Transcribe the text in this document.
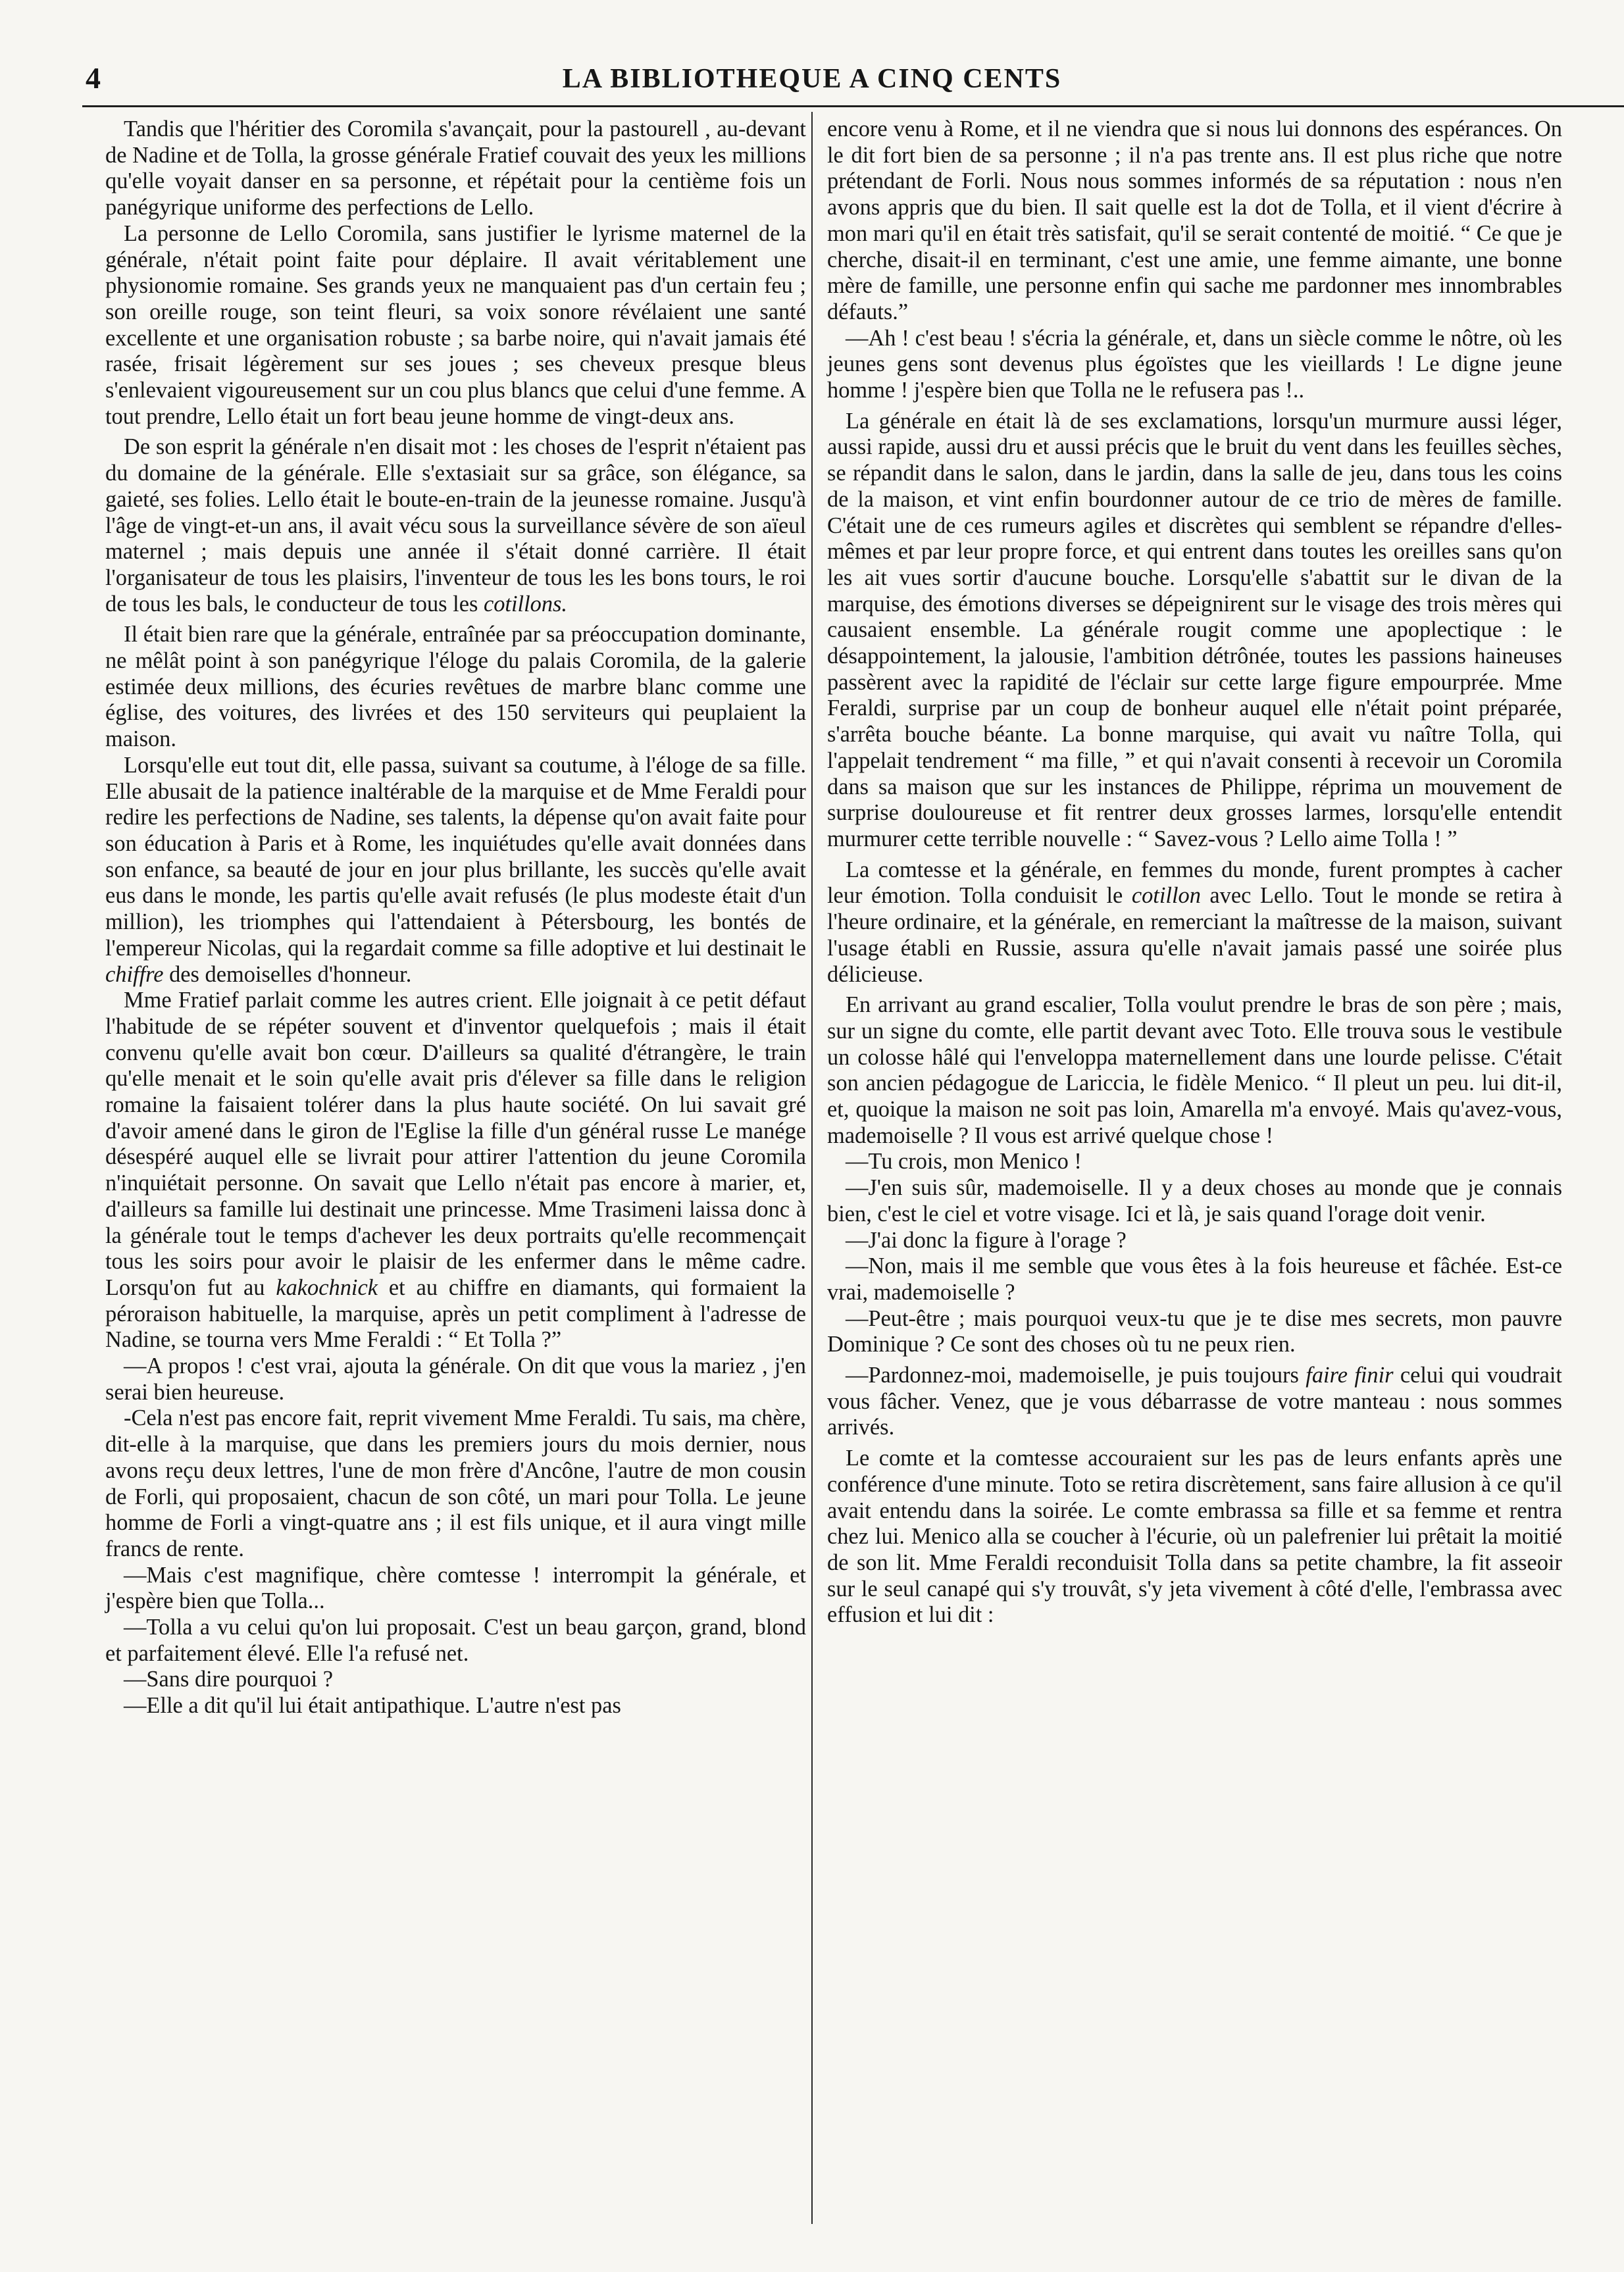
4	LA BIBLIOTHEQUE A CINQ CENTS

Tandis que l'héritier des Coromila s'avançait, pour la pastourell , au-devant de Nadine et de Tolla, la grosse générale Fratief couvait des yeux les millions qu'elle voyait danser en sa personne, et répétait pour la centième fois un panégyrique uniforme des perfections de Lello.

La personne de Lello Coromila, sans justifier le lyrisme maternel de la générale, n'était point faite pour déplaire. Il avait véritablement une physionomie romaine. Ses grands yeux ne manquaient pas d'un certain feu ; son oreille rouge, son teint fleuri, sa voix sonore révélaient une santé excellente et une organisation robuste ; sa barbe noire, qui n'avait jamais été rasée, frisait légèrement sur ses joues ; ses cheveux presque bleus s'enlevaient vigoureusement sur un cou plus blancs que celui d'une femme. A tout prendre, Lello était un fort beau jeune homme de vingt-deux ans.

De son esprit la générale n'en disait mot : les choses de l'esprit n'étaient pas du domaine de la générale. Elle s'extasiait sur sa grâce, son élégance, sa gaieté, ses folies. Lello était le boute-en-train de la jeunesse romaine. Jusqu'à l'âge de vingt-et-un ans, il avait vécu sous la surveillance sévère de son aïeul maternel ; mais depuis une année il s'était donné carrière. Il était l'organisateur de tous les plaisirs, l'inventeur de tous les les bons tours, le roi de tous les bals, le conducteur de tous les cotillons.

Il était bien rare que la générale, entraînée par sa préoccupation dominante, ne mêlât point à son panégyrique l'éloge du palais Coromila, de la galerie estimée deux millions, des écuries revêtues de marbre blanc comme une église, des voitures, des livrées et des 150 serviteurs qui peuplaient la maison.

Lorsqu'elle eut tout dit, elle passa, suivant sa coutume, à l'éloge de sa fille. Elle abusait de la patience inaltérable de la marquise et de Mme Feraldi pour redire les perfections de Nadine, ses talents, la dépense qu'on avait faite pour son éducation à Paris et à Rome, les inquiétudes qu'elle avait données dans son enfance, sa beauté de jour en jour plus brillante, les succès qu'elle avait eus dans le monde, les partis qu'elle avait refusés (le plus modeste était d'un million), les triomphes qui l'attendaient à Pétersbourg, les bontés de l'empereur Nicolas, qui la regardait comme sa fille adoptive et lui destinait le chiffre des demoiselles d'honneur.

Mme Fratief parlait comme les autres crient. Elle joignait à ce petit défaut l'habitude de se répéter souvent et d'inventor quelquefois ; mais il était convenu qu'elle avait bon cœur. D'ailleurs sa qualité d'étrangère, le train qu'elle menait et le soin qu'elle avait pris d'élever sa fille dans le religion romaine la faisaient tolérer dans la plus haute société. On lui savait gré d'avoir amené dans le giron de l'Eglise la fille d'un général russe Le manége désespéré auquel elle se livrait pour attirer l'attention du jeune Coromila n'inquiétait personne. On savait que Lello n'était pas encore à marier, et, d'ailleurs sa famille lui destinait une princesse. Mme Trasimeni laissa donc à la générale tout le temps d'achever les deux portraits qu'elle recommençait tous les soirs pour avoir le plaisir de les enfermer dans le même cadre. Lorsqu'on fut au kakochnick et au chiffre en diamants, qui formaient la péroraison habituelle, la marquise, après un petit compliment à l'adresse de Nadine, se tourna vers Mme Feraldi : “ Et Tolla ?”

—A propos ! c'est vrai, ajouta la générale. On dit que vous la mariez , j'en serai bien heureuse.

-Cela n'est pas encore fait, reprit vivement Mme Feraldi. Tu sais, ma chère, dit-elle à la marquise, que dans les premiers jours du mois dernier, nous avons reçu deux lettres, l'une de mon frère d'Ancône, l'autre de mon cousin de Forli, qui proposaient, chacun de son côté, un mari pour Tolla. Le jeune homme de Forli a vingt-quatre ans ; il est fils unique, et il aura vingt mille francs de rente.

—Mais c'est magnifique, chère comtesse ! interrompit la générale, et j'espère bien que Tolla...

—Tolla a vu celui qu'on lui proposait. C'est un beau garçon, grand, blond et parfaitement élevé. Elle l'a refusé net.

—Sans dire pourquoi ?

—Elle a dit qu'il lui était antipathique. L'autre n'est pas

encore venu à Rome, et il ne viendra que si nous lui donnons des espérances. On le dit fort bien de sa personne ; il n'a pas trente ans. Il est plus riche que notre prétendant de Forli. Nous nous sommes informés de sa réputation : nous n'en avons appris que du bien. Il sait quelle est la dot de Tolla, et il vient d'écrire à mon mari qu'il en était très satisfait, qu'il se serait contenté de moitié. “ Ce que je cherche, disait-il en terminant, c'est une amie, une femme aimante, une bonne mère de famille, une personne enfin qui sache me pardonner mes innombrables défauts.”

—Ah ! c'est beau ! s'écria la générale, et, dans un siècle comme le nôtre, où les jeunes gens sont devenus plus égoïstes que les vieillards ! Le digne jeune homme ! j'espère bien que Tolla ne le refusera pas !..

La générale en était là de ses exclamations, lorsqu'un murmure aussi léger, aussi rapide, aussi dru et aussi précis que le bruit du vent dans les feuilles sèches, se répandit dans le salon, dans le jardin, dans la salle de jeu, dans tous les coins de la maison, et vint enfin bourdonner autour de ce trio de mères de famille. C'était une de ces rumeurs agiles et discrètes qui semblent se répandre d'elles-mêmes et par leur propre force, et qui entrent dans toutes les oreilles sans qu'on les ait vues sortir d'aucune bouche. Lorsqu'elle s'abattit sur le divan de la marquise, des émotions diverses se dépeignirent sur le visage des trois mères qui causaient ensemble. La générale rougit comme une apoplectique : le désappointement, la jalousie, l'ambition détrônée, toutes les passions haineuses passèrent avec la rapidité de l'éclair sur cette large figure empourprée. Mme Feraldi, surprise par un coup de bonheur auquel elle n'était point préparée, s'arrêta bouche béante. La bonne marquise, qui avait vu naître Tolla, qui l'appelait tendrement “ ma fille, ” et qui n'avait consenti à recevoir un Coromila dans sa maison que sur les instances de Philippe, réprima un mouvement de surprise douloureuse et fit rentrer deux grosses larmes, lorsqu'elle entendit murmurer cette terrible nouvelle : “ Savez-vous ? Lello aime Tolla ! ”

La comtesse et la générale, en femmes du monde, furent promptes à cacher leur émotion. Tolla conduisit le cotillon avec Lello. Tout le monde se retira à l'heure ordinaire, et la générale, en remerciant la maîtresse de la maison, suivant l'usage établi en Russie, assura qu'elle n'avait jamais passé une soirée plus délicieuse.

En arrivant au grand escalier, Tolla voulut prendre le bras de son père ; mais, sur un signe du comte, elle partit devant avec Toto. Elle trouva sous le vestibule un colosse hâlé qui l'enveloppa maternellement dans une lourde pelisse. C'était son ancien pédagogue de Lariccia, le fidèle Menico. “ Il pleut un peu. lui dit-il, et, quoique la maison ne soit pas loin, Amarella m'a envoyé. Mais qu'avez-vous, mademoiselle ? Il vous est arrivé quelque chose !

—Tu crois, mon Menico !

—J'en suis sûr, mademoiselle. Il y a deux choses au monde que je connais bien, c'est le ciel et votre visage. Ici et là, je sais quand l'orage doit venir.

—J'ai donc la figure à l'orage ?

—Non, mais il me semble que vous êtes à la fois heureuse et fâchée. Est-ce vrai, mademoiselle ?

—Peut-être ; mais pourquoi veux-tu que je te dise mes secrets, mon pauvre Dominique ? Ce sont des choses où tu ne peux rien.

—Pardonnez-moi, mademoiselle, je puis toujours faire finir celui qui voudrait vous fâcher. Venez, que je vous débarrasse de votre manteau : nous sommes arrivés.

Le comte et la comtesse accouraient sur les pas de leurs enfants après une conférence d'une minute. Toto se retira discrètement, sans faire allusion à ce qu'il avait entendu dans la soirée. Le comte embrassa sa fille et sa femme et rentra chez lui. Menico alla se coucher à l'écurie, où un palefrenier lui prêtait la moitié de son lit. Mme Feraldi reconduisit Tolla dans sa petite chambre, la fit asseoir sur le seul canapé qui s'y trouvât, s'y jeta vivement à côté d'elle, l'embrassa avec effusion et lui dit :
